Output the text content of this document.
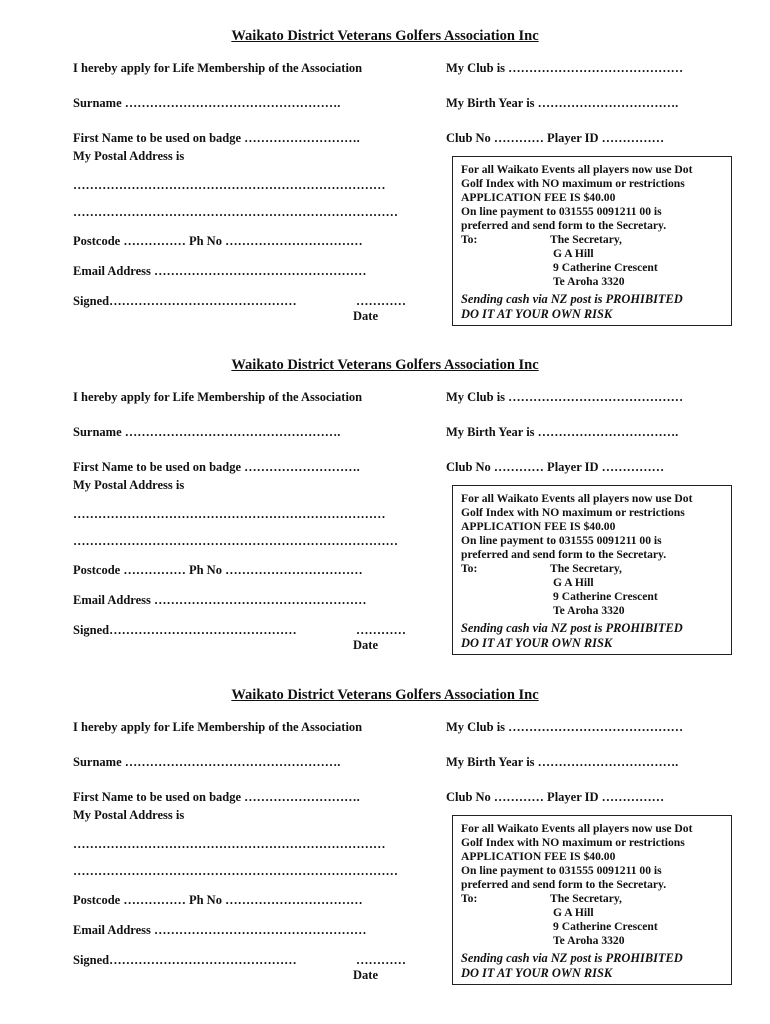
Waikato District Veterans Golfers Association Inc
I hereby apply for Life Membership of the Association	My Club is ……………………………………
Surname …………………………………………….	My Birth Year is …………………………….
First Name to be used on badge ……………………….	Club No ………… Player ID ……………
My Postal Address is
…………………………………………………………………
……………………………………………………………………
Postcode …………… Ph No ……………………………
Email Address ……………………………………………
Signed………………………………………	…………
Date
For all Waikato Events all players now use Dot
Golf Index with NO maximum or restrictions
APPLICATION FEE IS $40.00
On line payment to 031555 0091211 00 is
preferred and send form to the Secretary.
To:	The Secretary,
G A Hill
9 Catherine Crescent
Te Aroha 3320
Sending cash via NZ post is PROHIBITED
DO IT AT YOUR OWN RISK
Waikato District Veterans Golfers Association Inc
I hereby apply for Life Membership of the Association	My Club is ……………………………………
Surname …………………………………………….	My Birth Year is …………………………….
First Name to be used on badge ……………………….	Club No ………… Player ID ……………
My Postal Address is
…………………………………………………………………
……………………………………………………………………
Postcode …………… Ph No ……………………………
Email Address ……………………………………………
Signed………………………………………	…………
Date
For all Waikato Events all players now use Dot
Golf Index with NO maximum or restrictions
APPLICATION FEE IS $40.00
On line payment to 031555 0091211 00 is
preferred and send form to the Secretary.
To:	The Secretary,
G A Hill
9 Catherine Crescent
Te Aroha 3320
Sending cash via NZ post is PROHIBITED
DO IT AT YOUR OWN RISK
Waikato District Veterans Golfers Association Inc
I hereby apply for Life Membership of the Association	My Club is ……………………………………
Surname …………………………………………….	My Birth Year is …………………………….
First Name to be used on badge ……………………….	Club No ………… Player ID ……………
My Postal Address is
…………………………………………………………………
……………………………………………………………………
Postcode …………… Ph No ……………………………
Email Address ……………………………………………
Signed………………………………………	…………
Date
For all Waikato Events all players now use Dot
Golf Index with NO maximum or restrictions
APPLICATION FEE IS $40.00
On line payment to 031555 0091211 00 is
preferred and send form to the Secretary.
To:	The Secretary,
G A Hill
9 Catherine Crescent
Te Aroha 3320
Sending cash via NZ post is PROHIBITED
DO IT AT YOUR OWN RISK
